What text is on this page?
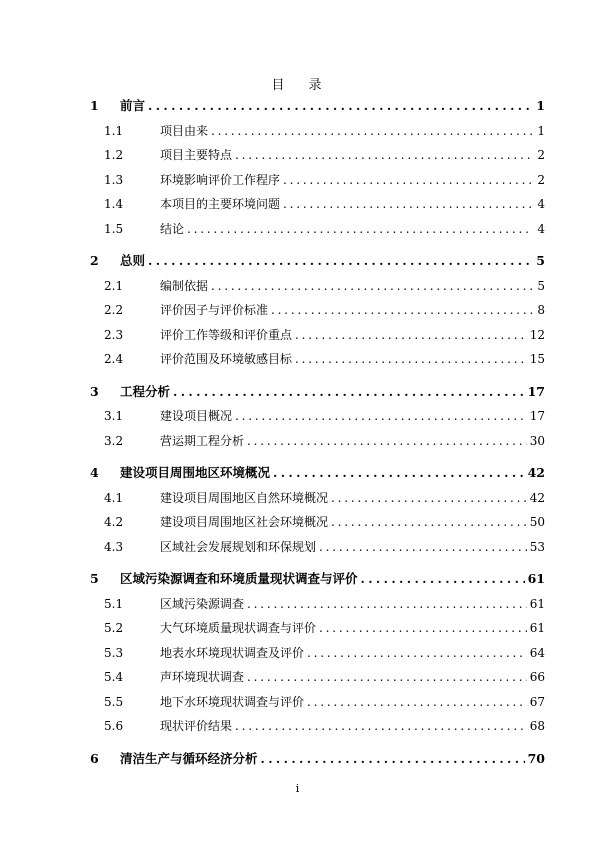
目 录
1	前言 . . .	1
1.1	项目由来 . . .	1
1.2	项目主要特点 . . .	2
1.3	环境影响评价工作程序 . . .	2
1.4	本项目的主要环境问题 . . .	4
1.5	结论 . . .	4
2	总则 . . .	5
2.1	编制依据 . . .	5
2.2	评价因子与评价标准 . . .	8
2.3	评价工作等级和评价重点 . . .	12
2.4	评价范围及环境敏感目标 . . .	15
3	工程分析 . . .	17
3.1	建设项目概况 . . .	17
3.2	营运期工程分析 . . .	30
4	建设项目周围地区环境概况 . . .	42
4.1	建设项目周围地区自然环境概况 . . .	42
4.2	建设项目周围地区社会环境概况 . . .	50
4.3	区域社会发展规划和环保规划 . . .	53
5	区域污染源调查和环境质量现状调查与评价 . . .	61
5.1	区域污染源调查 . . .	61
5.2	大气环境质量现状调查与评价 . . .	61
5.3	地表水环境现状调查及评价 . . .	64
5.4	声环境现状调查 . . .	66
5.5	地下水环境现状调查与评价 . . .	67
5.6	现状评价结果 . . .	68
6	清洁生产与循环经济分析 . . .	70
i
